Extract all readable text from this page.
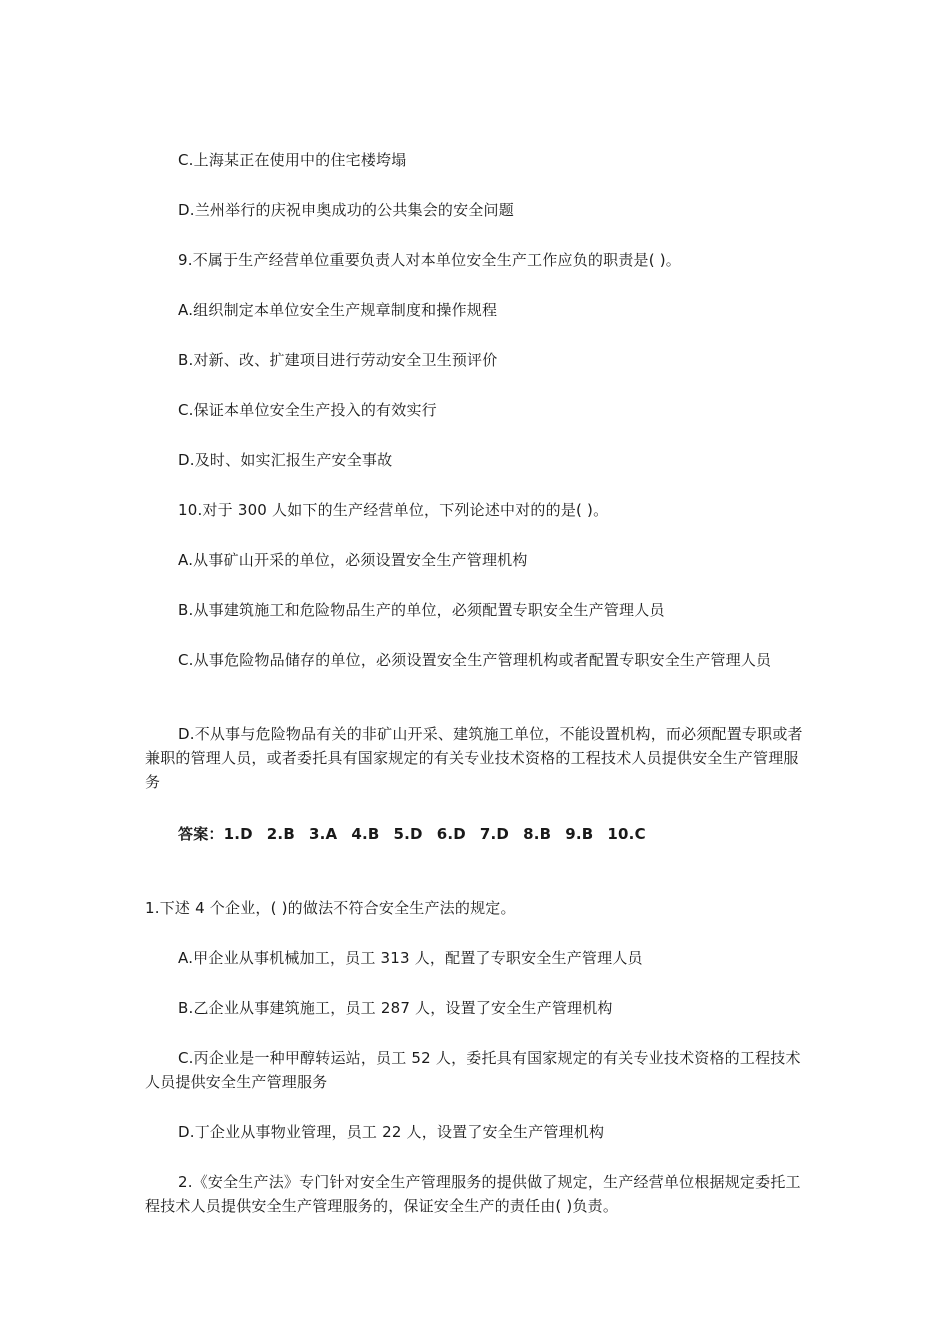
C.上海某正在使用中的住宅楼垮塌

D.兰州举行的庆祝申奥成功的公共集会的安全问题

9.不属于生产经营单位重要负责人对本单位安全生产工作应负的职责是( )。

A.组织制定本单位安全生产规章制度和操作规程

B.对新、改、扩建项目进行劳动安全卫生预评价

C.保证本单位安全生产投入的有效实行

D.及时、如实汇报生产安全事故

10.对于 300 人如下的生产经营单位，下列论述中对的的是( )。

A.从事矿山开采的单位，必须设置安全生产管理机构

B.从事建筑施工和危险物品生产的单位，必须配置专职安全生产管理人员

C.从事危险物品储存的单位，必须设置安全生产管理机构或者配置专职安全生产管理人员

D.不从事与危险物品有关的非矿山开采、建筑施工单位，不能设置机构，而必须配置专职或者兼职的管理人员，或者委托具有国家规定的有关专业技术资格的工程技术人员提供安全生产管理服务

答案：1.D 2.B 3.A 4.B 5.D 6.D 7.D 8.B 9.B 10.C

1.下述 4 个企业，( )的做法不符合安全生产法的规定。

A.甲企业从事机械加工，员工 313 人，配置了专职安全生产管理人员

B.乙企业从事建筑施工，员工 287 人，设置了安全生产管理机构

C.丙企业是一种甲醇转运站，员工 52 人，委托具有国家规定的有关专业技术资格的工程技术人员提供安全生产管理服务

D.丁企业从事物业管理，员工 22 人，设置了安全生产管理机构

2.《安全生产法》专门针对安全生产管理服务的提供做了规定，生产经营单位根据规定委托工程技术人员提供安全生产管理服务的，保证安全生产的责任由( )负责。
